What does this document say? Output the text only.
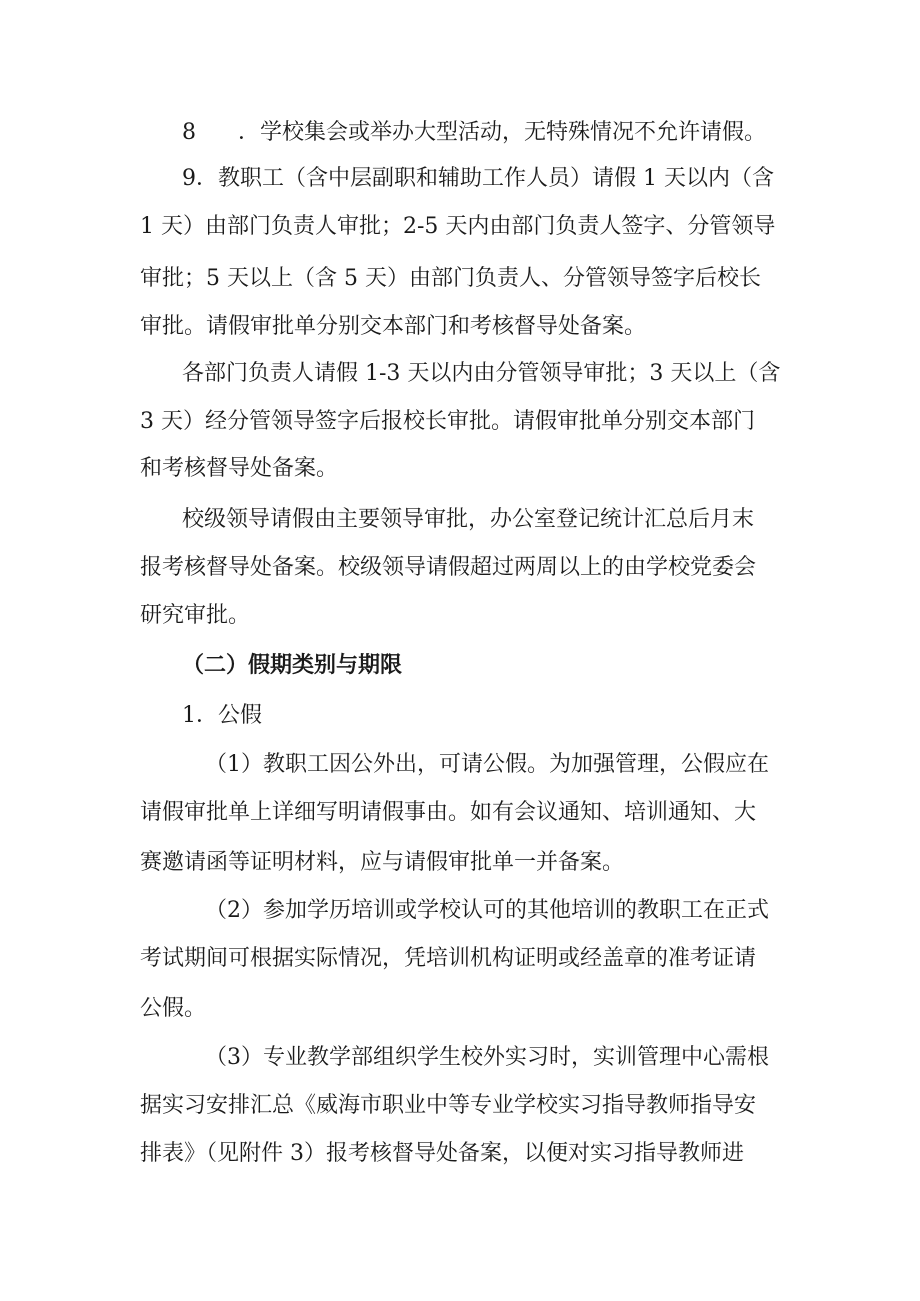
8 ．学校集会或举办大型活动，无特殊情况不允许请假。
9．教职工（含中层副职和辅助工作人员）请假 1 天以内（含
1 天）由部门负责人审批；2-5 天内由部门负责人签字、分管领导
审批；5 天以上（含 5 天）由部门负责人、分管领导签字后校长
审批。请假审批单分别交本部门和考核督导处备案。
各部门负责人请假 1-3 天以内由分管领导审批；3 天以上（含
3 天）经分管领导签字后报校长审批。请假审批单分别交本部门
和考核督导处备案。
校级领导请假由主要领导审批，办公室登记统计汇总后月末
报考核督导处备案。校级领导请假超过两周以上的由学校党委会
研究审批。
（二）假期类别与期限
1．公假
（1）教职工因公外出，可请公假。为加强管理，公假应在
请假审批单上详细写明请假事由。如有会议通知、培训通知、大
赛邀请函等证明材料，应与请假审批单一并备案。
（2）参加学历培训或学校认可的其他培训的教职工在正式
考试期间可根据实际情况，凭培训机构证明或经盖章的准考证请
公假。
（3）专业教学部组织学生校外实习时，实训管理中心需根
据实习安排汇总《威海市职业中等专业学校实习指导教师指导安
排表》（见附件 3）报考核督导处备案，以便对实习指导教师进
